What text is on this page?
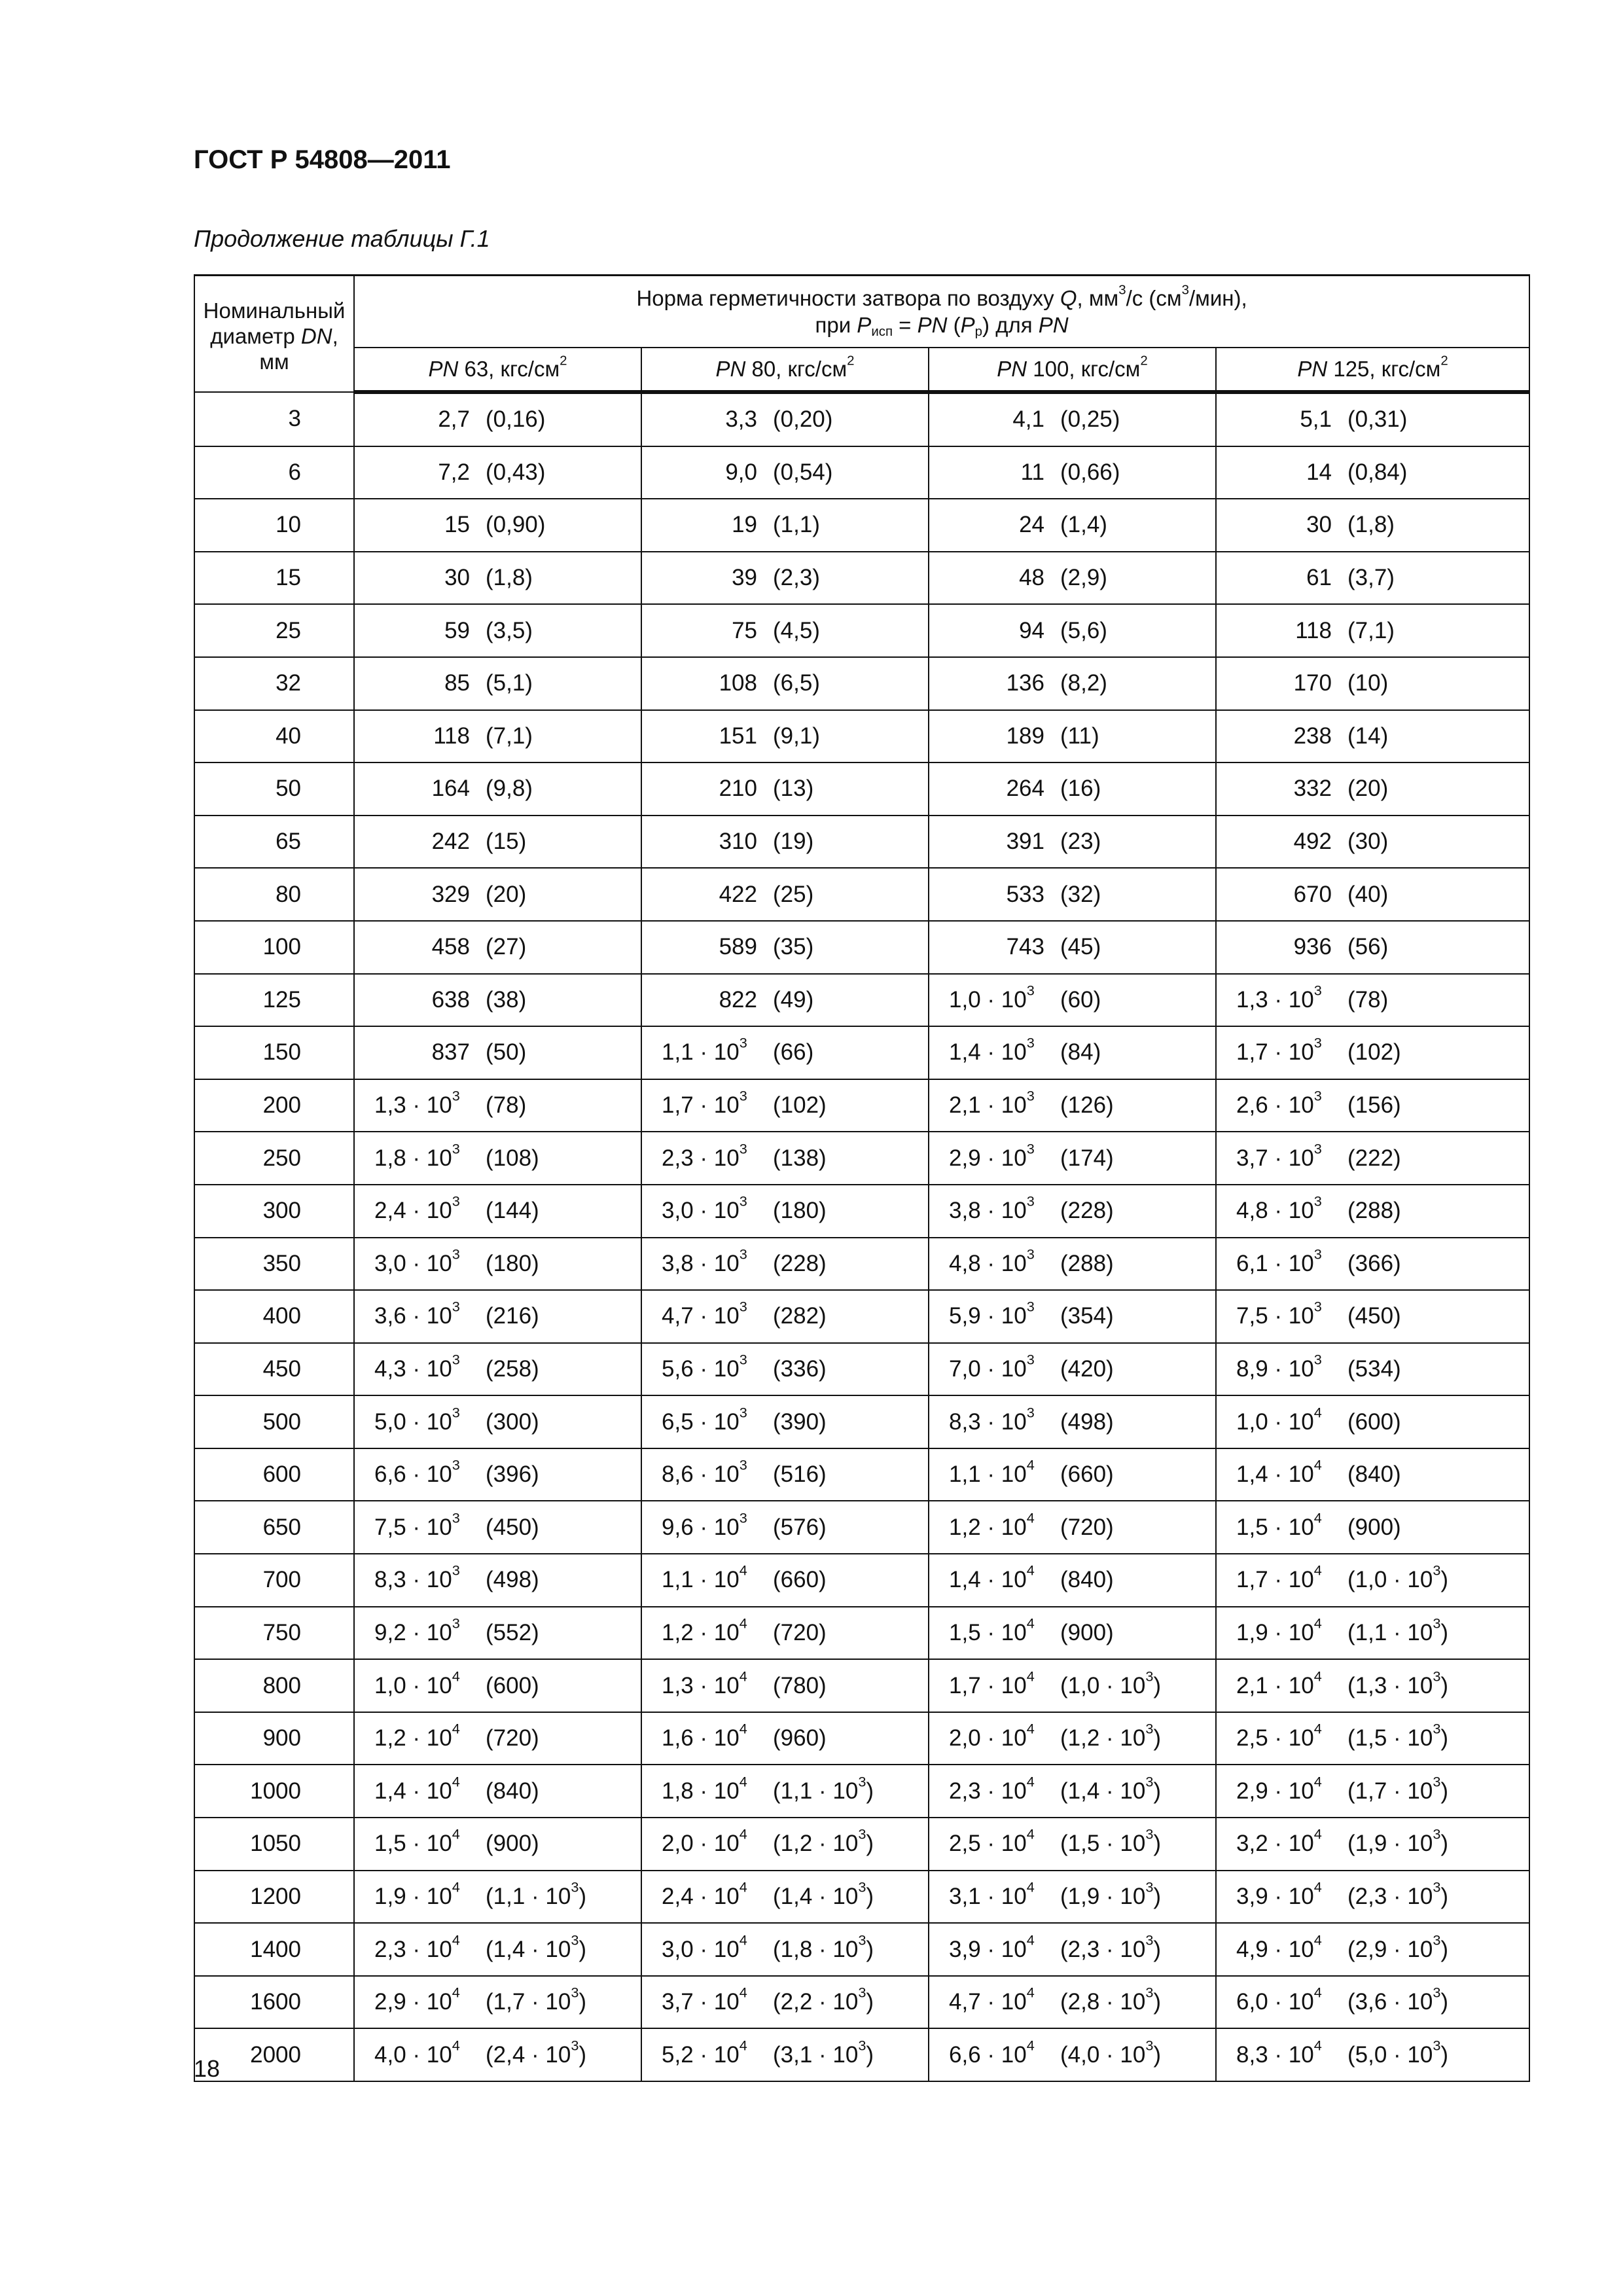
ГОСТ Р 54808—2011

Продолжение таблицы Г.1

Номинальный
диаметр DN,
мм	Норма герметичности затвора по воздуху Q, $мм^3/с$ $(см^3/мин)$,
при $P_{исп}$ = PN $(P_р)$ для PN			
	PN 63, кгс/$см^2$	PN 80, кгс/$см^2$	PN 100, кгс/$см^2$	PN 125, кгс/$см^2$
3	2,7 (0,16)	3,3 (0,20)	4,1 (0,25)	5,1 (0,31)

6	7,2 (0,43)	9,0 (0,54)	11 (0,66)	14 (0,84)

10	15 (0,90)	19 (1,1)	24 (1,4)	30 (1,8)

15	30 (1,8)	39 (2,3)	48 (2,9)	61 (3,7)

25	59 (3,5)	75 (4,5)	94 (5,6)	118 (7,1)

32	85 (5,1)	108 (6,5)	136 (8,2)	170 (10)

40	118 (7,1)	151 (9,1)	189 (11)	238 (14)

50	164 (9,8)	210 (13)	264 (16)	332 (20)

65	242 (15)	310 (19)	391 (23)	492 (30)

80	329 (20)	422 (25)	533 (32)	670 (40)

100	458 (27)	589 (35)	743 (45)	936 (56)

125	638 (38)	822 (49)	$1,0 \cdot 10^3$ (60)	$1,3 \cdot 10^3$ (78)

150	837 (50)	$1,1 \cdot 10^3$ (66)	$1,4 \cdot 10^3$ (84)	$1,7 \cdot 10^3$ (102)

200	$1,3 \cdot 10^3$ (78)	$1,7 \cdot 10^3$ (102)	$2,1 \cdot 10^3$ (126)	$2,6 \cdot 10^3$ (156)

250	$1,8 \cdot 10^3$ (108)	$2,3 \cdot 10^3$ (138)	$2,9 \cdot 10^3$ (174)	$3,7 \cdot 10^3$ (222)

300	$2,4 \cdot 10^3$ (144)	$3,0 \cdot 10^3$ (180)	$3,8 \cdot 10^3$ (228)	$4,8 \cdot 10^3$ (288)

350	$3,0 \cdot 10^3$ (180)	$3,8 \cdot 10^3$ (228)	$4,8 \cdot 10^3$ (288)	$6,1 \cdot 10^3$ (366)

400	$3,6 \cdot 10^3$ (216)	$4,7 \cdot 10^3$ (282)	$5,9 \cdot 10^3$ (354)	$7,5 \cdot 10^3$ (450)

450	$4,3 \cdot 10^3$ (258)	$5,6 \cdot 10^3$ (336)	$7,0 \cdot 10^3$ (420)	$8,9 \cdot 10^3$ (534)

500	$5,0 \cdot 10^3$ (300)	$6,5 \cdot 10^3$ (390)	$8,3 \cdot 10^3$ (498)	$1,0 \cdot 10^4$ (600)

600	$6,6 \cdot 10^3$ (396)	$8,6 \cdot 10^3$ (516)	$1,1 \cdot 10^4$ (660)	$1,4 \cdot 10^4$ (840)

650	$7,5 \cdot 10^3$ (450)	$9,6 \cdot 10^3$ (576)	$1,2 \cdot 10^4$ (720)	$1,5 \cdot 10^4$ (900)

700	$8,3 \cdot 10^3$ (498)	$1,1 \cdot 10^4$ (660)	$1,4 \cdot 10^4$ (840)	$1,7 \cdot 10^4$ $(1,0 \cdot 10^3)$

750	$9,2 \cdot 10^3$ (552)	$1,2 \cdot 10^4$ (720)	$1,5 \cdot 10^4$ (900)	$1,9 \cdot 10^4$ $(1,1 \cdot 10^3)$

800	$1,0 \cdot 10^4$ (600)	$1,3 \cdot 10^4$ (780)	$1,7 \cdot 10^4$ $(1,0 \cdot 10^3)$	$2,1 \cdot 10^4$ $(1,3 \cdot 10^3)$

900	$1,2 \cdot 10^4$ (720)	$1,6 \cdot 10^4$ (960)	$2,0 \cdot 10^4$ $(1,2 \cdot 10^3)$	$2,5 \cdot 10^4$ $(1,5 \cdot 10^3)$

1000	$1,4 \cdot 10^4$ (840)	$1,8 \cdot 10^4$ $(1,1 \cdot 10^3)$	$2,3 \cdot 10^4$ $(1,4 \cdot 10^3)$	$2,9 \cdot 10^4$ $(1,7 \cdot 10^3)$

1050	$1,5 \cdot 10^4$ (900)	$2,0 \cdot 10^4$ $(1,2 \cdot 10^3)$	$2,5 \cdot 10^4$ $(1,5 \cdot 10^3)$	$3,2 \cdot 10^4$ $(1,9 \cdot 10^3)$

1200	$1,9 \cdot 10^4$ $(1,1 \cdot 10^3)$	$2,4 \cdot 10^4$ $(1,4 \cdot 10^3)$	$3,1 \cdot 10^4$ $(1,9 \cdot 10^3)$	$3,9 \cdot 10^4$ $(2,3 \cdot 10^3)$

1400	$2,3 \cdot 10^4$ $(1,4 \cdot 10^3)$	$3,0 \cdot 10^4$ $(1,8 \cdot 10^3)$	$3,9 \cdot 10^4$ $(2,3 \cdot 10^3)$	$4,9 \cdot 10^4$ $(2,9 \cdot 10^3)$

1600	$2,9 \cdot 10^4$ $(1,7 \cdot 10^3)$	$3,7 \cdot 10^4$ $(2,2 \cdot 10^3)$	$4,7 \cdot 10^4$ $(2,8 \cdot 10^3)$	$6,0 \cdot 10^4$ $(3,6 \cdot 10^3)$

2000	$4,0 \cdot 10^4$ $(2,4 \cdot 10^3)$	$5,2 \cdot 10^4$ $(3,1 \cdot 10^3)$	$6,6 \cdot 10^4$ $(4,0 \cdot 10^3)$	$8,3 \cdot 10^4$ $(5,0 \cdot 10^3)$

18
